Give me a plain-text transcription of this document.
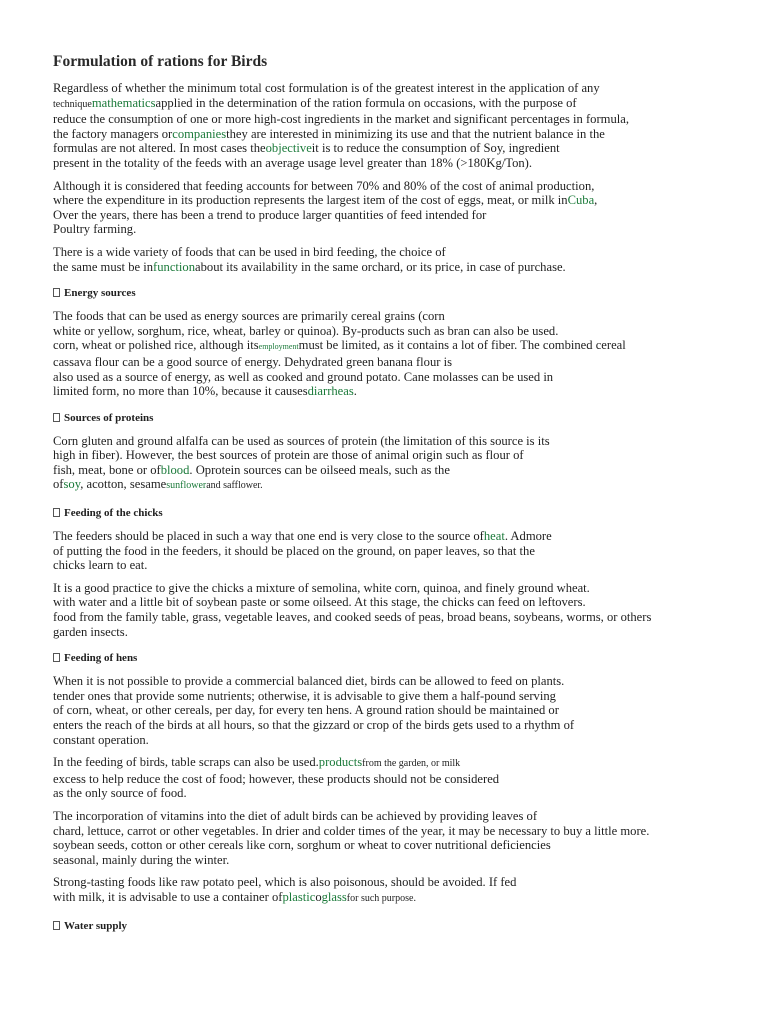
Formulation of rations for Birds

Regardless of whether the minimum total cost formulation is of the greatest interest in the application of any
techniquemathematicsapplied in the determination of the ration formula on occasions, with the purpose of
reduce the consumption of one or more high-cost ingredients in the market and significant percentages in formula,
the factory managers orcompaniesthey are interested in minimizing its use and that the nutrient balance in the
formulas are not altered. In most cases theobjectiveit is to reduce the consumption of Soy, ingredient
present in the totality of the feeds with an average usage level greater than 18% (>180Kg/Ton).

Although it is considered that feeding accounts for between 70% and 80% of the cost of animal production,
where the expenditure in its production represents the largest item of the cost of eggs, meat, or milk inCuba,
Over the years, there has been a trend to produce larger quantities of feed intended for
Poultry farming.

There is a wide variety of foods that can be used in bird feeding, the choice of
the same must be infunctionabout its availability in the same orchard, or its price, in case of purchase.

Energy sources

The foods that can be used as energy sources are primarily cereal grains (corn
white or yellow, sorghum, rice, wheat, barley or quinoa). By-products such as bran can also be used.
corn, wheat or polished rice, although itsemploymentmust be limited, as it contains a lot of fiber. The combined cereal
cassava flour can be a good source of energy. Dehydrated green banana flour is
also used as a source of energy, as well as cooked and ground potato. Cane molasses can be used in
limited form, no more than 10%, because it causesdiarrheas.

Sources of proteins

Corn gluten and ground alfalfa can be used as sources of protein (the limitation of this source is its
high in fiber). However, the best sources of protein are those of animal origin such as flour of
fish, meat, bone or ofblood. Oprotein sources can be oilseed meals, such as the
ofsoy, acotton, sesamesunflowerand safflower.

Feeding of the chicks

The feeders should be placed in such a way that one end is very close to the source ofheat. Admore
of putting the food in the feeders, it should be placed on the ground, on paper leaves, so that the
chicks learn to eat.

It is a good practice to give the chicks a mixture of semolina, white corn, quinoa, and finely ground wheat.
with water and a little bit of soybean paste or some oilseed. At this stage, the chicks can feed on leftovers.
food from the family table, grass, vegetable leaves, and cooked seeds of peas, broad beans, soybeans, worms, or others
garden insects.

Feeding of hens

When it is not possible to provide a commercial balanced diet, birds can be allowed to feed on plants.
tender ones that provide some nutrients; otherwise, it is advisable to give them a half-pound serving
of corn, wheat, or other cereals, per day, for every ten hens. A ground ration should be maintained or
enters the reach of the birds at all hours, so that the gizzard or crop of the birds gets used to a rhythm of
constant operation.

In the feeding of birds, table scraps can also be used.productsfrom the garden, or milk
excess to help reduce the cost of food; however, these products should not be considered
as the only source of food.

The incorporation of vitamins into the diet of adult birds can be achieved by providing leaves of
chard, lettuce, carrot or other vegetables. In drier and colder times of the year, it may be necessary to buy a little more.
soybean seeds, cotton or other cereals like corn, sorghum or wheat to cover nutritional deficiencies
seasonal, mainly during the winter.

Strong-tasting foods like raw potato peel, which is also poisonous, should be avoided. If fed
with milk, it is advisable to use a container ofplasticoglassfor such purpose.

Water supply
